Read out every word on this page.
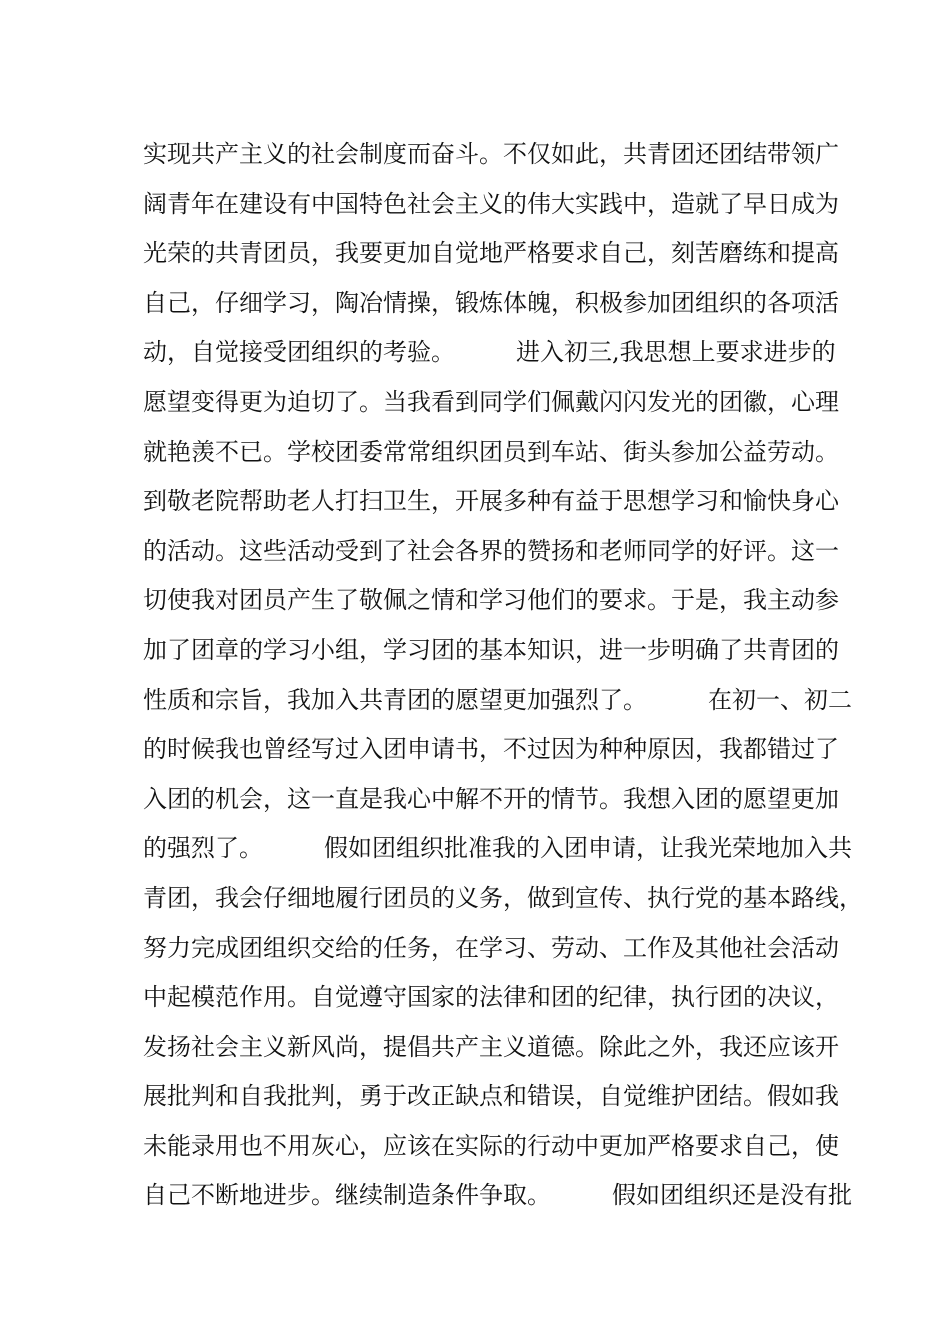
实现共产主义的社会制度而奋斗。不仅如此，共青团还团结带领广
阔青年在建设有中国特色社会主义的伟大实践中，造就了早日成为
光荣的共青团员，我要更加自觉地严格要求自己，刻苦磨练和提高
自己，仔细学习，陶冶情操，锻炼体魄，积极参加团组织的各项活
动，自觉接受团组织的考验。        进入初三,我思想上要求进步的
愿望变得更为迫切了。当我看到同学们佩戴闪闪发光的团徽，心理
就艳羡不已。学校团委常常组织团员到车站、街头参加公益劳动。
到敬老院帮助老人打扫卫生，开展多种有益于思想学习和愉快身心
的活动。这些活动受到了社会各界的赞扬和老师同学的好评。这一
切使我对团员产生了敬佩之情和学习他们的要求。于是，我主动参
加了团章的学习小组，学习团的基本知识，进一步明确了共青团的
性质和宗旨，我加入共青团的愿望更加强烈了。        在初一、初二
的时候我也曾经写过入团申请书，不过因为种种原因，我都错过了
入团的机会，这一直是我心中解不开的情节。我想入团的愿望更加
的强烈了。        假如团组织批准我的入团申请，让我光荣地加入共
青团，我会仔细地履行团员的义务，做到宣传、执行党的基本路线，
努力完成团组织交给的任务，在学习、劳动、工作及其他社会活动
中起模范作用。自觉遵守国家的法律和团的纪律，执行团的决议，
发扬社会主义新风尚，提倡共产主义道德。除此之外，我还应该开
展批判和自我批判，勇于改正缺点和错误，自觉维护团结。假如我
未能录用也不用灰心，应该在实际的行动中更加严格要求自己，使
自己不断地进步。继续制造条件争取。        假如团组织还是没有批
